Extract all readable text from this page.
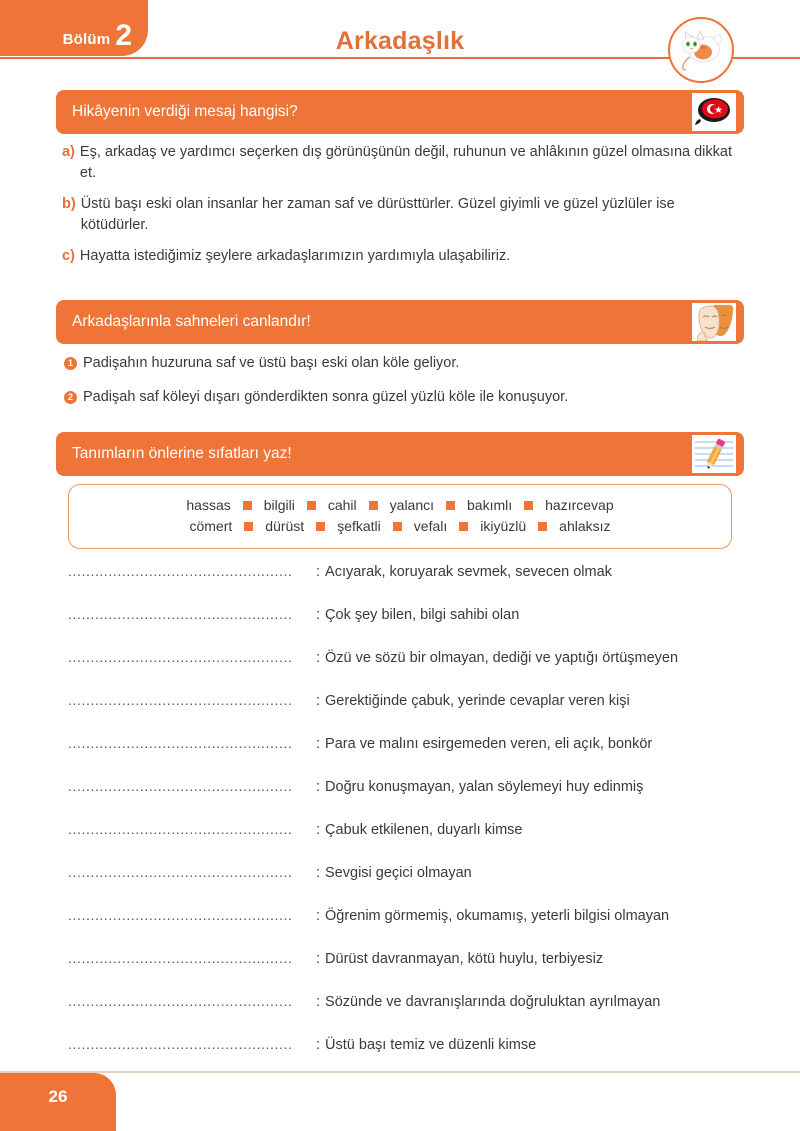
Bölüm 2	Arkadaşlık
Hikâyenin verdiği mesaj hangisi?
a) Eş, arkadaş ve yardımcı seçerken dış görünüşünün değil, ruhunun ve ahlâkının güzel olmasına dikkat et.
b) Üstü başı eski olan insanlar her zaman saf ve dürüsttürler. Güzel giyimli ve güzel yüzlüler ise kötüdürler.
c) Hayatta istediğimiz şeylere arkadaşlarımızın yardımıyla ulaşabiliriz.
Arkadaşlarınla sahneleri canlandır!
1 Padişahın huzuruna saf ve üstü başı eski olan köle geliyor.
2 Padişah saf köleyi dışarı gönderdikten sonra güzel yüzlü köle ile konuşuyor.
Tanımların önlerine sıfatları yaz!
hassas	bilgili	cahil	yalancı	bakımlı	hazırcevap
cömert	dürüst	şefkatli	vefalı	ikiyüzlü	ahlaksız
..................................................	: Acıyarak, koruyarak sevmek, sevecen olmak
..................................................	: Çok şey bilen, bilgi sahibi olan
..................................................	: Özü ve sözü bir olmayan, dediği ve yaptığı örtüşmeyen
..................................................	: Gerektiğinde çabuk, yerinde cevaplar veren kişi
..................................................	: Para ve malını esirgemeden veren, eli açık, bonkör
..................................................	: Doğru konuşmayan, yalan söylemeyi huy edinmiş
..................................................	: Çabuk etkilenen, duyarlı kimse
..................................................	: Sevgisi geçici olmayan
..................................................	: Öğrenim görmemiş, okumamış, yeterli bilgisi olmayan
..................................................	: Dürüst davranmayan, kötü huylu, terbiyesiz
..................................................	: Sözünde ve davranışlarında doğruluktan ayrılmayan
..................................................	: Üstü başı temiz ve düzenli kimse
26
